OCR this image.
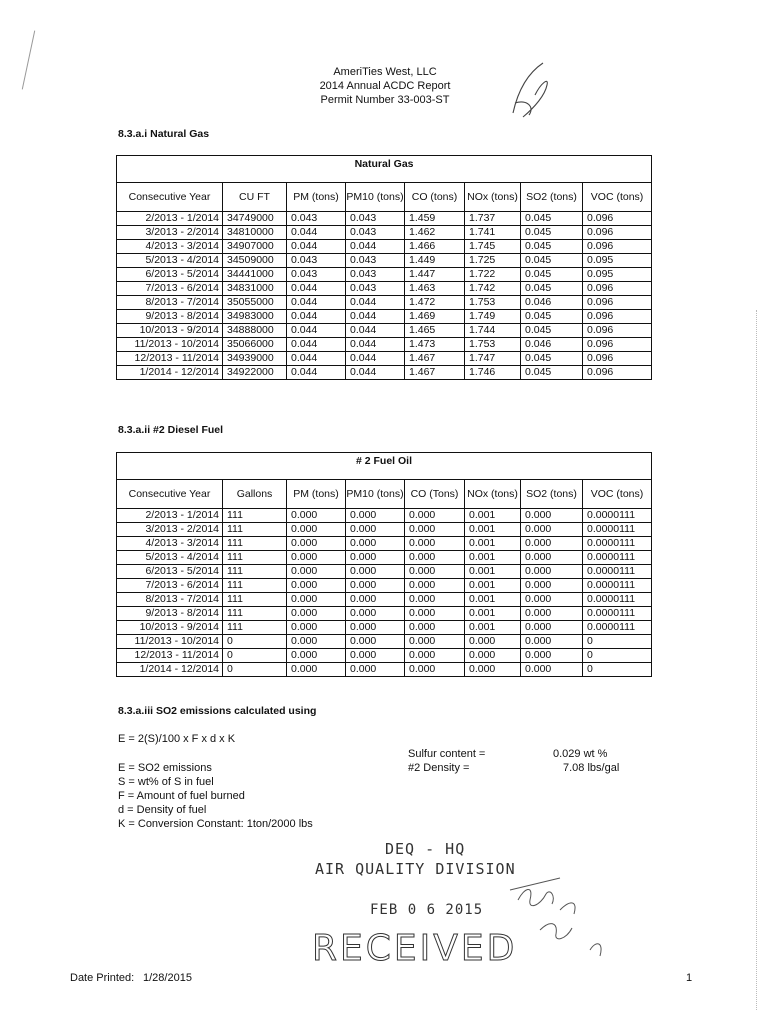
AmeriTies West, LLC
2014 Annual ACDC Report
Permit Number 33-003-ST
8.3.a.i Natural Gas
Natural Gas							
Consecutive Year	CU FT	PM (tons)	PM10 (tons)	CO (tons)	NOx (tons)	SO2 (tons)	VOC (tons)
2/2013 - 1/2014	34749000	0.043	0.043	1.459	1.737	0.045	0.096
3/2013 - 2/2014	34810000	0.044	0.043	1.462	1.741	0.045	0.096
4/2013 - 3/2014	34907000	0.044	0.044	1.466	1.745	0.045	0.096
5/2013 - 4/2014	34509000	0.043	0.043	1.449	1.725	0.045	0.095
6/2013 - 5/2014	34441000	0.043	0.043	1.447	1.722	0.045	0.095
7/2013 - 6/2014	34831000	0.044	0.043	1.463	1.742	0.045	0.096
8/2013 - 7/2014	35055000	0.044	0.044	1.472	1.753	0.046	0.096
9/2013 - 8/2014	34983000	0.044	0.044	1.469	1.749	0.045	0.096
10/2013 - 9/2014	34888000	0.044	0.044	1.465	1.744	0.045	0.096
11/2013 - 10/2014	35066000	0.044	0.044	1.473	1.753	0.046	0.096
12/2013 - 11/2014	34939000	0.044	0.044	1.467	1.747	0.045	0.096
1/2014 - 12/2014	34922000	0.044	0.044	1.467	1.746	0.045	0.096
8.3.a.ii #2 Diesel Fuel
# 2 Fuel Oil							
Consecutive Year	Gallons	PM (tons)	PM10 (tons)	CO (Tons)	NOx (tons)	SO2 (tons)	VOC (tons)
2/2013 - 1/2014	111	0.000	0.000	0.000	0.001	0.000	0.0000111
3/2013 - 2/2014	111	0.000	0.000	0.000	0.001	0.000	0.0000111
4/2013 - 3/2014	111	0.000	0.000	0.000	0.001	0.000	0.0000111
5/2013 - 4/2014	111	0.000	0.000	0.000	0.001	0.000	0.0000111
6/2013 - 5/2014	111	0.000	0.000	0.000	0.001	0.000	0.0000111
7/2013 - 6/2014	111	0.000	0.000	0.000	0.001	0.000	0.0000111
8/2013 - 7/2014	111	0.000	0.000	0.000	0.001	0.000	0.0000111
9/2013 - 8/2014	111	0.000	0.000	0.000	0.001	0.000	0.0000111
10/2013 - 9/2014	111	0.000	0.000	0.000	0.001	0.000	0.0000111
11/2013 - 10/2014	0	0.000	0.000	0.000	0.000	0.000	0
12/2013 - 11/2014	0	0.000	0.000	0.000	0.000	0.000	0
1/2014 - 12/2014	0	0.000	0.000	0.000	0.000	0.000	0
8.3.a.iii SO2 emissions calculated using
E = 2(S)/100 x F x d x K
E = SO2 emissions
S = wt% of S in fuel
F = Amount of fuel burned
d = Density of fuel
K = Conversion Constant: 1ton/2000 lbs
Sulfur content =	0.029 wt %
#2 Density =	7.08 lbs/gal
DEQ - HQ
AIR QUALITY DIVISION
FEB 0 6 2015
RECEIVED
Date Printed: 1/28/2015	1
